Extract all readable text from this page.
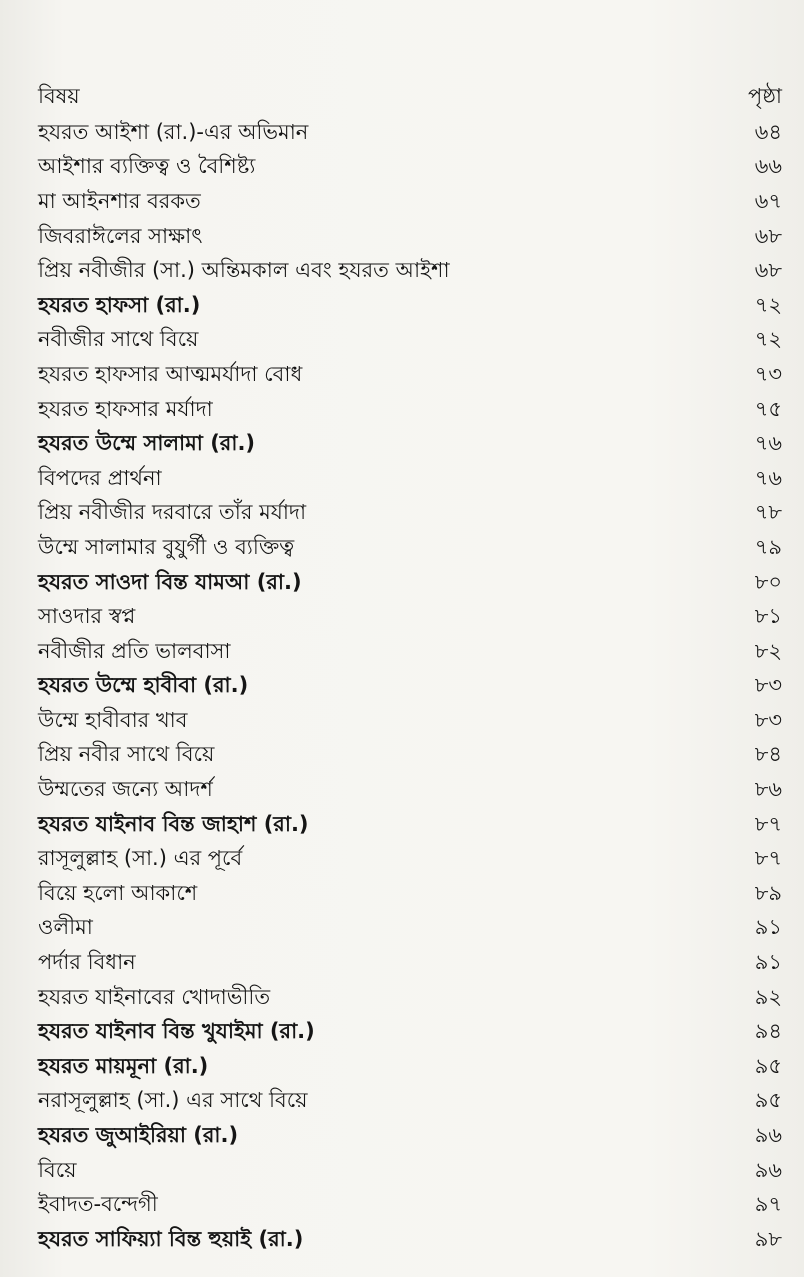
বিষয়	পৃষ্ঠা
হযরত আইশা (রা.)-এর অভিমান	৬৪
আইশার ব্যক্তিত্ব ও বৈশিষ্ট্য	৬৬
মা আইনশার বরকত	৬৭
জিবরাঈলের সাক্ষাৎ	৬৮
প্রিয় নবীজীর (সা.) অন্তিমকাল এবং হযরত আইশা	৬৮
হযরত হাফসা (রা.)	৭২
নবীজীর সাথে বিয়ে	৭২
হযরত হাফসার আত্মমর্যাদা বোধ	৭৩
হযরত হাফসার মর্যাদা	৭৫
হযরত উম্মে সালামা (রা.)	৭৬
বিপদের প্রার্থনা	৭৬
প্রিয় নবীজীর দরবারে তাঁর মর্যাদা	৭৮
উম্মে সালামার বুযুর্গী ও ব্যক্তিত্ব	৭৯
হযরত সাওদা বিন্ত যামআ (রা.)	৮০
সাওদার স্বপ্ন	৮১
নবীজীর প্রতি ভালবাসা	৮২
হযরত উম্মে হাবীবা (রা.)	৮৩
উম্মে হাবীবার খাব	৮৩
প্রিয় নবীর সাথে বিয়ে	৮৪
উম্মতের জন্যে আদর্শ	৮৬
হযরত যাইনাব বিন্ত জাহাশ (রা.)	৮৭
রাসূলুল্লাহ (সা.) এর পূর্বে	৮৭
বিয়ে হলো আকাশে	৮৯
ওলীমা	৯১
পর্দার বিধান	৯১
হযরত যাইনাবের খোদাভীতি	৯২
হযরত যাইনাব বিন্ত খুযাইমা (রা.)	৯৪
হযরত মায়মূনা (রা.)	৯৫
নরাসূলুল্লাহ (সা.) এর সাথে বিয়ে	৯৫
হযরত জুআইরিয়া (রা.)	৯৬
বিয়ে	৯৬
ইবাদত-বন্দেগী	৯৭
হযরত সাফিয়্যা বিন্ত হুয়াই (রা.)	৯৮
